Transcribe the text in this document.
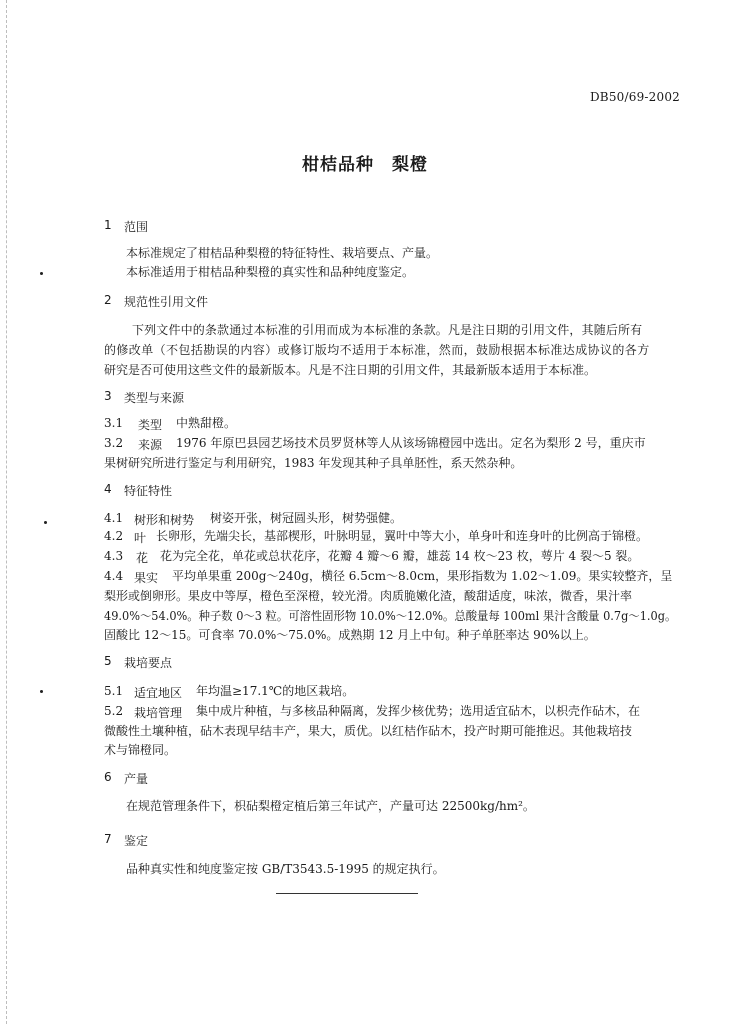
DB50/69-2002
柑桔品种　梨橙
1 范围
本标准规定了柑桔品种梨橙的特征特性、栽培要点、产量。
本标准适用于柑桔品种梨橙的真实性和品种纯度鉴定。
2 规范性引用文件
下列文件中的条款通过本标准的引用而成为本标准的条款。凡是注日期的引用文件，其随后所有
的修改单（不包括勘误的内容）或修订版均不适用于本标准，然而，鼓励根据本标准达成协议的各方
研究是否可使用这些文件的最新版本。凡是不注日期的引用文件，其最新版本适用于本标准。
3 类型与来源
3.1 类型 中熟甜橙。
3.2 来源 1976 年原巴县园艺场技术员罗贤林等人从该场锦橙园中选出。定名为梨形 2 号，重庆市
果树研究所进行鉴定与利用研究，1983 年发现其种子具单胚性，系天然杂种。
4 特征特性
4.1 树形和树势 树姿开张，树冠圆头形，树势强健。
4.2 叶 长卵形，先端尖长，基部楔形，叶脉明显，翼叶中等大小，单身叶和连身叶的比例高于锦橙。
4.3 花 花为完全花，单花或总状花序，花瓣 4 瓣～6 瓣，雄蕊 14 枚～23 枚，萼片 4 裂～5 裂。
4.4 果实 平均单果重 200g～240g，横径 6.5cm～8.0cm，果形指数为 1.02～1.09。果实较整齐，呈
梨形或倒卵形。果皮中等厚，橙色至深橙，较光滑。肉质脆嫩化渣，酸甜适度，味浓，微香，果汁率
49.0%～54.0%。种子数 0～3 粒。可溶性固形物 10.0%～12.0%。总酸量每 100ml 果汁含酸量 0.7g～1.0g。
固酸比 12～15。可食率 70.0%～75.0%。成熟期 12 月上中旬。种子单胚率达 90%以上。
5 栽培要点
5.1 适宜地区 年均温≥17.1℃的地区栽培。
5.2 栽培管理 集中成片种植，与多核品种隔离，发挥少核优势；选用适宜砧木，以枳壳作砧木，在
微酸性土壤种植，砧木表现早结丰产，果大，质优。以红桔作砧木，投产时期可能推迟。其他栽培技
术与锦橙同。
6 产量
在规范管理条件下，枳砧梨橙定植后第三年试产，产量可达 22500kg/hm²。
7 鉴定
品种真实性和纯度鉴定按 GB/T3543.5-1995 的规定执行。
